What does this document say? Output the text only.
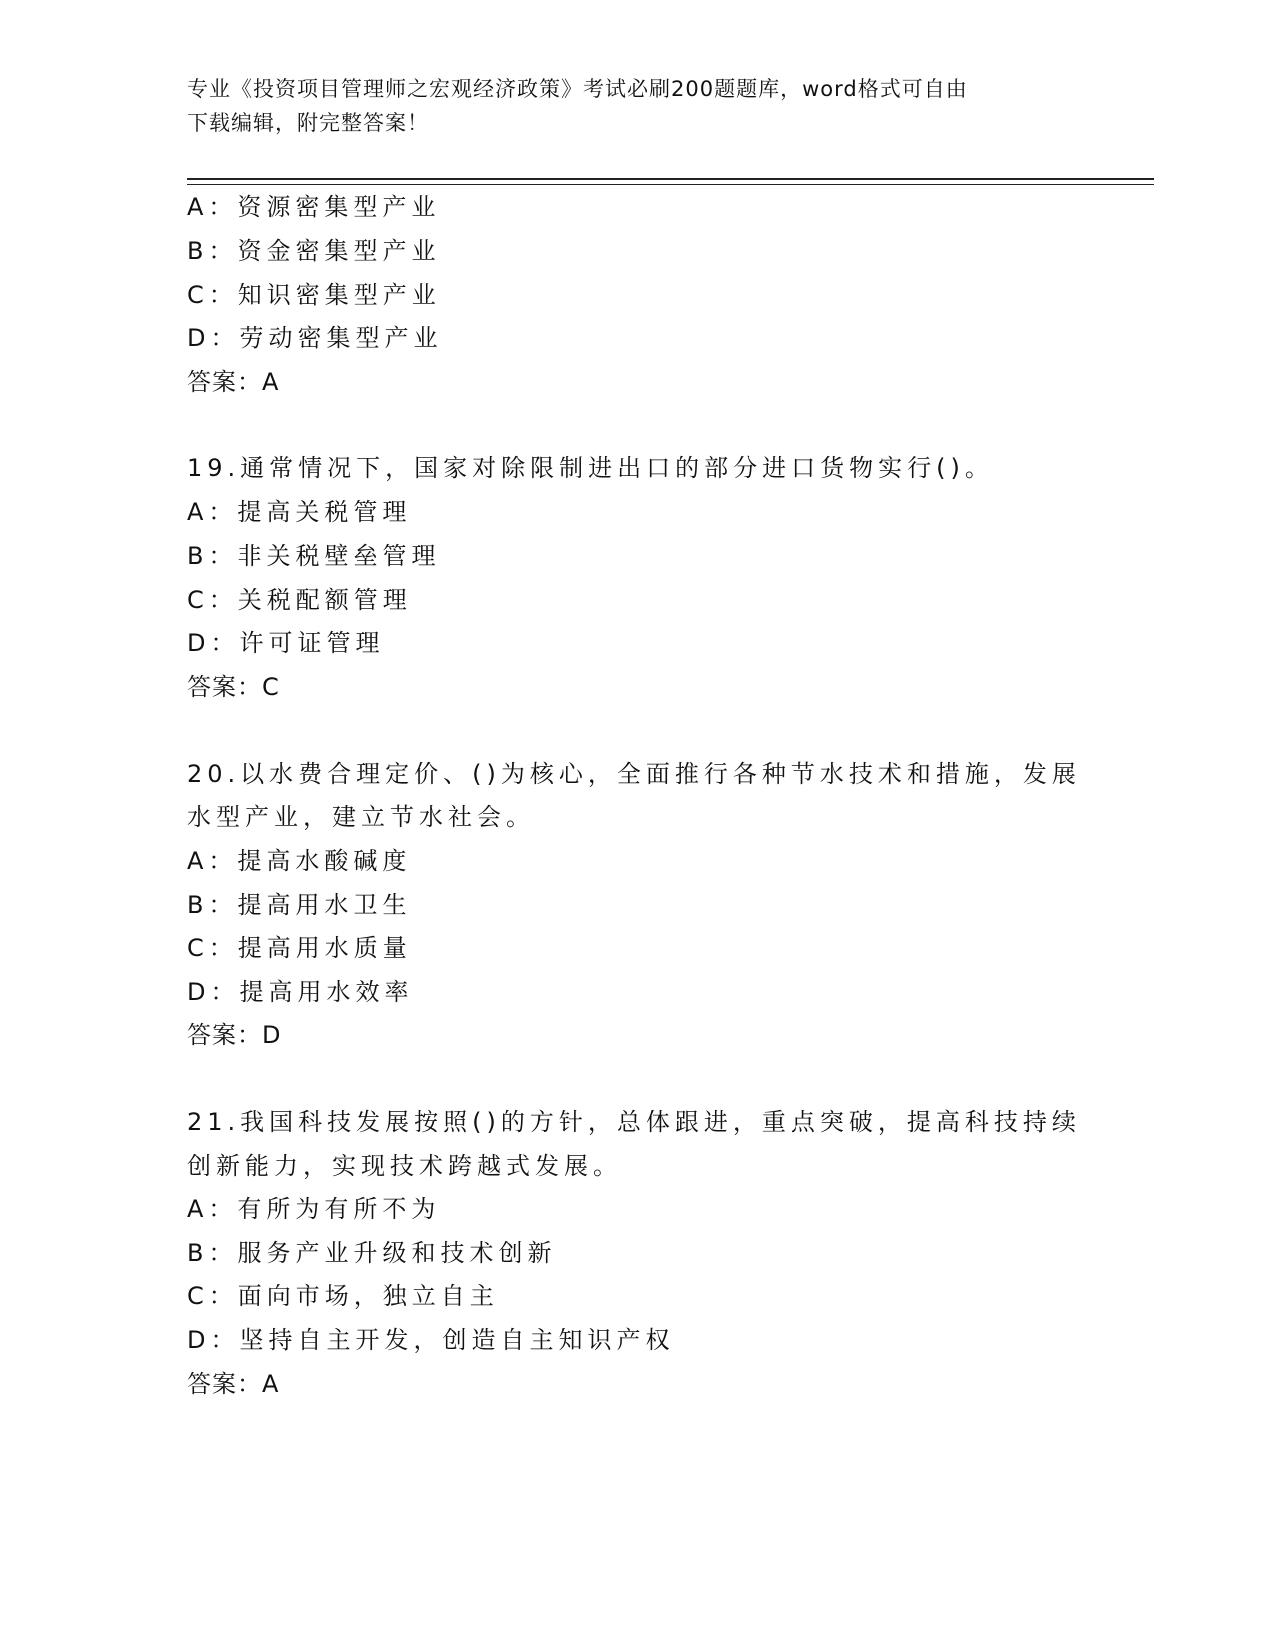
专业《投资项目管理师之宏观经济政策》考试必刷200题题库，word格式可自由
下载编辑，附完整答案！
A：资源密集型产业
B：资金密集型产业
C：知识密集型产业
D：劳动密集型产业
答案：A
19.通常情况下，国家对除限制进出口的部分进口货物实行()。
A：提高关税管理
B：非关税壁垒管理
C：关税配额管理
D：许可证管理
答案：C
20.以水费合理定价、()为核心，全面推行各种节水技术和措施，发展
水型产业，建立节水社会。
A：提高水酸碱度
B：提高用水卫生
C：提高用水质量
D：提高用水效率
答案：D
21.我国科技发展按照()的方针，总体跟进，重点突破，提高科技持续
创新能力，实现技术跨越式发展。
A：有所为有所不为
B：服务产业升级和技术创新
C：面向市场，独立自主
D：坚持自主开发，创造自主知识产权
答案：A
